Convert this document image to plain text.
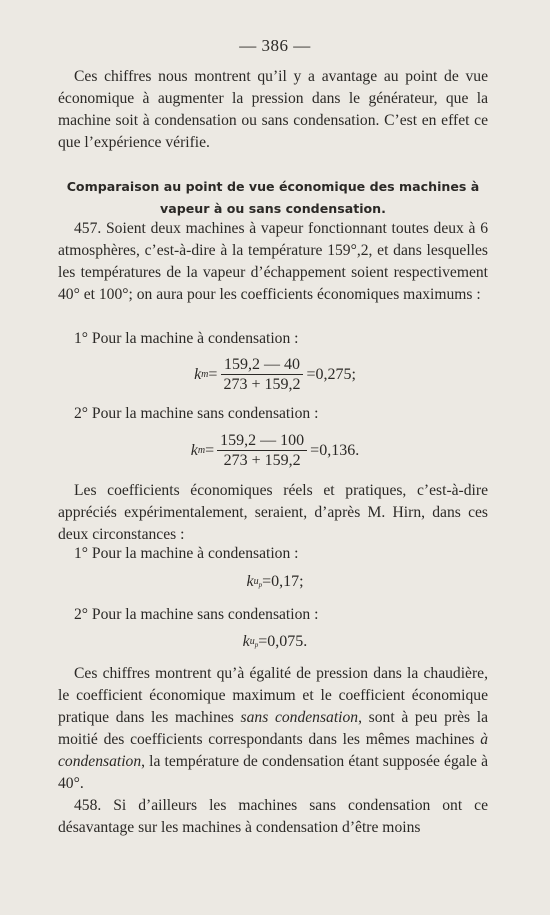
— 386 —
Ces chiffres nous montrent qu’il y a avantage au point de vue économique à augmenter la pression dans le générateur, que la machine soit à condensation ou sans condensation. C’est en effet ce que l’expérience vérifie.
Comparaison au point de vue économique des machines à vapeur à ou sans condensation.
457. Soient deux machines à vapeur fonctionnant toutes deux à 6 atmosphères, c’est-à-dire à la température 159°,2, et dans lesquelles les températures de la vapeur d’échappement soient respectivement 40° et 100°; on aura pour les coefficients économiques maximums :
1° Pour la machine à condensation :
k $m = \frac{159,2 — 40}{273 + 159,2} =0,275$;
2° Pour la machine sans condensation :
k $m = \frac{159,2 — 100}{273 + 159,2} =0,136$.
Les coefficients économiques réels et pratiques, c’est-à-dire appréciés expérimentalement, seraient, d’après M. Hirn, dans ces deux circonstances :
1° Pour la machine à condensation :
k $u_p =0,17$;
2° Pour la machine sans condensation :
k $u_p =0,075$.
Ces chiffres montrent qu’à égalité de pression dans la chaudière, le coefficient économique maximum et le coefficient économique pratique dans les machines sans condensation, sont à peu près la moitié des coefficients correspondants dans les mêmes machines à condensation, la température de condensation étant supposée égale à 40°.
458. Si d’ailleurs les machines sans condensation ont ce désavantage sur les machines à condensation d’être moins
